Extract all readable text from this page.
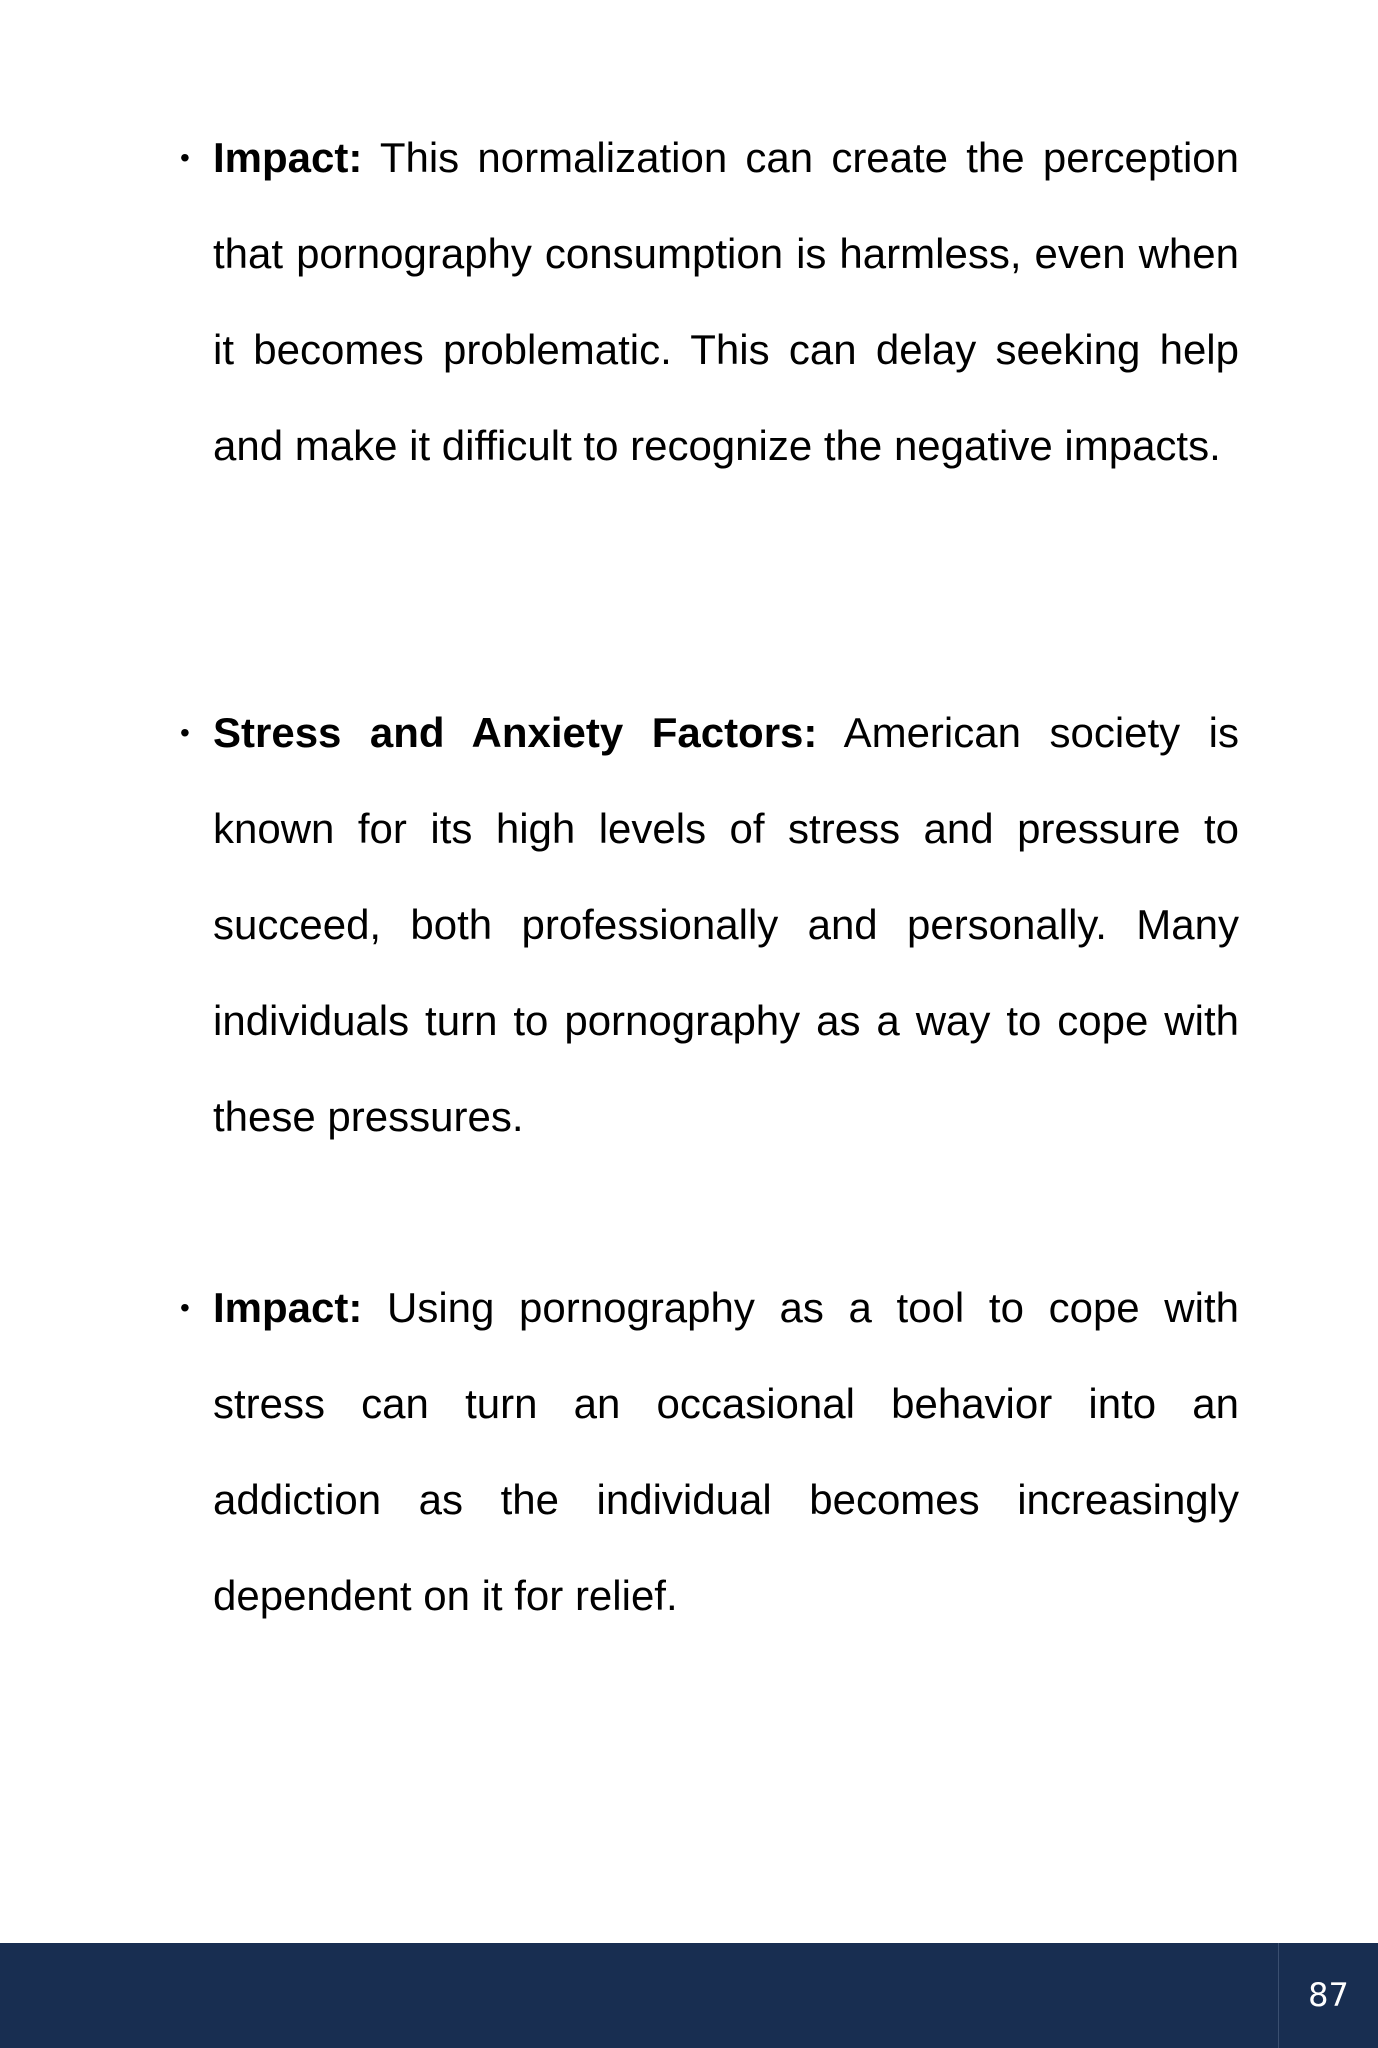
• Impact: This normalization can create the perception that pornography consumption is harmless, even when it becomes problematic. This can delay seeking help and make it difficult to recognize the negative impacts.

• Stress and Anxiety Factors: American society is known for its high levels of stress and pressure to succeed, both professionally and personally. Many individuals turn to pornography as a way to cope with these pressures.

• Impact: Using pornography as a tool to cope with stress can turn an occasional behavior into an addiction as the individual becomes increasingly dependent on it for relief.

87
